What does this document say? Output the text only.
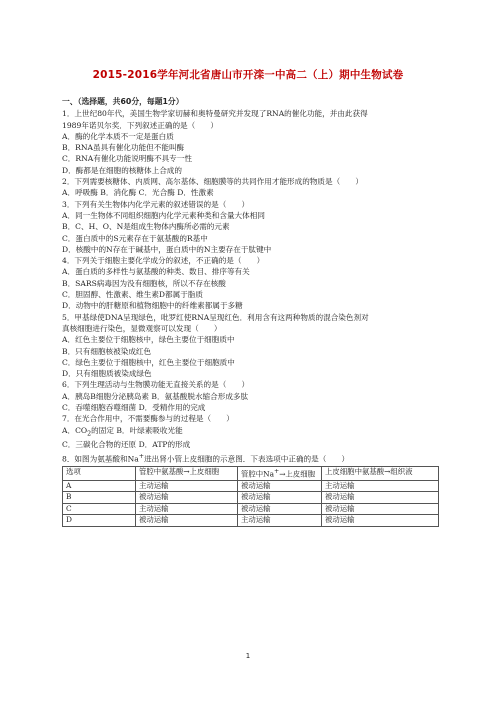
2015-2016学年河北省唐山市开滦一中高二（上）期中生物试卷
一、（选择题，共60分，每题1分）
1．上世纪80年代，美国生物学家切赫和奥特曼研究并发现了RNA的催化功能，并由此获得
1989年诺贝尔奖．下列叙述正确的是（　　）
A．酶的化学本质不一定是蛋白质
B．RNA虽具有催化功能但不能叫酶
C．RNA有催化功能说明酶不具专一性
D．酶都是在细胞的核糖体上合成的
2．下列需要核糖体、内质网、高尔基体、细胞膜等的共同作用才能形成的物质是（　　）
A．呼吸酶 B．消化酶 C．光合酶 D．性激素
3．下列有关生物体内化学元素的叙述错误的是（　　）
A．同一生物体不同组织细胞内化学元素种类和含量大体相同
B．C、H、O、N是组成生物体内酶所必需的元素
C．蛋白质中的S元素存在于氨基酸的R基中
D．核酸中的N存在于碱基中，蛋白质中的N主要存在于肽键中
4．下列关于细胞主要化学成分的叙述，不正确的是（　　）
A．蛋白质的多样性与氨基酸的种类、数目、排序等有关
B．SARS病毒因为没有细胞核，所以不存在核酸
C．胆固醇、性激素、维生素D都属于脂质
D．动物中的肝糖原和植物细胞中的纤维素都属于多糖
5．甲基绿使DNA呈现绿色，吡罗红使RNA呈现红色．利用含有这两种物质的混合染色剂对
真核细胞进行染色，显微观察可以发现（　　）
A．红色主要位于细胞核中，绿色主要位于细胞质中
B．只有细胞核被染成红色
C．绿色主要位于细胞核中，红色主要位于细胞质中
D．只有细胞质被染成绿色
6．下列生理活动与生物膜功能无直接关系的是（　　）
A．胰岛B细胞分泌胰岛素 B．氨基酸脱水缩合形成多肽
C．吞噬细胞吞噬细菌 D．受精作用的完成
7．在光合作用中，不需要酶参与的过程是（　　）
A．$CO_2$的固定 B．叶绿素吸收光能
C．三碳化合物的还原 D．ATP的形成
8．如图为氨基酸和Na+进出肾小管上皮细胞的示意图．下表选项中正确的是（　　）
选项	管腔中氨基酸→上皮细胞	管腔中Na+→上皮细胞	上皮细胞中氨基酸→组织液
A	主动运输	被动运输	主动运输
B	被动运输	被动运输	被动运输
C	主动运输	被动运输	被动运输
D	被动运输	主动运输	被动运输
1
